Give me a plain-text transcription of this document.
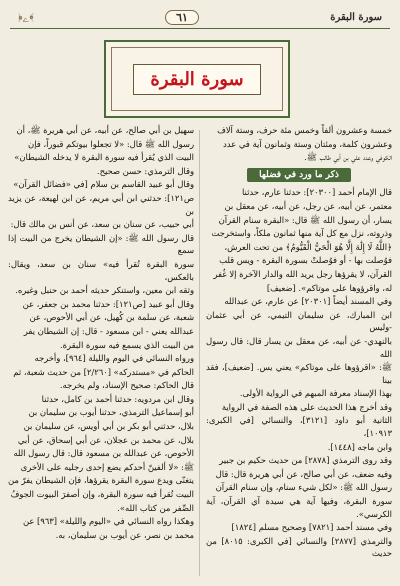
سورة البقرة
٦١
﴾ﮮ﴿
سورة البقرة

خمسة وعشرون ألفاً وخمس مئة حرف، وستة آلاف

وعشرون كلمة، ومئتان وستة وثمانون آية في عدد

الكوفي وعدد علي بن أبي طالب ﷺ.

ذكر ما ورد في فضلها

قال الإمام أحمد [٢٠٣٠٠]: حدثنا عارم، حدثنا

معتمر، عن أبيه، عن رجل، عن أبيه، عن معقل بن

يسار، أن رسول الله ﷺ قال: «البقرة سنام القرآن

وذروته، نزل مع كل آية منها ثمانون ملكاً، واستخرجت

﴿اللَّهُ لَا إِلَٰهَ إِلَّا هُوَ الْحَيُّ الْقَيُّومُ﴾ من تحت العرش،

فوُصلت بها - أو فوُصلتْ بسورة البقرة - ويس قلب

القرآن، لا يقرؤها رجل يريد الله والدار الآخرة إلا غُفر

له، واقرؤوها على موتاكم». [ضعيف]

وفي المسند أيضاً [٢٠٣٠١] عن عارم، عن عبدالله

ابن المبارك، عن سليمان التيمي، عن أبي عثمان -وليس

بالنهدي- عن أبيه، عن معقل بن يسار قال: قال رسول الله

ﷺ: «اقرؤوها على موتاكم» يعني يس. [ضعيف]، فقد بينا

بهذا الإسناد معرفة المبهم في الرواية الأولى.

وقد أخرج هذا الحديث على هذه الصفة في الرواية

الثانية أبو داود [٣١٢١]، والنسائي [في الكبرى: ١٠٩١٣]،

وابن ماجه [١٤٤٨].

وقد روى الترمذي [٢٨٧٨] من حديث حكيم بن جبير

وفيه ضعف، عن أبي صالح، عن أبي هريرة قال: قال

رسول الله ﷺ: «لكل شيء سنام، وإن سنام القرآن

سورة البقرة، وفيها آية هي سيدة آي القرآن، آية الكرسي».

وفي مسند أحمد [٧٨٢١] وصحيح مسلم [١٨٢٤]

والترمذي [٢٨٧٧] والنسائي [في الكبرى: ٨٠١٥] من حديث

سهيل بن أبي صالح، عن أبيه، عن أبي هريرة ﷺ، أن

رسول الله ﷺ قال: «لا تجعلوا بيوتكم قبوراً، فإن

البيت الذي يُقرأ فيه سورة البقرة لا يدخله الشيطان»

وقال الترمذي: حسن صحيح.

وقال أبو عبيد القاسم بن سلام [في «فضائل القرآن»

ص١٢١]: حدثني ابن أبي مريم، عن ابن لهيعة، عن يزيد بن

أبي حبيب، عن سنان بن سعد، عن أنس بن مالك قال:

قال رسول الله ﷺ: «إن الشيطان يخرج من البيت إذا سمع

سورة البقرة تُقرأ فيه» سنان بن سعد، ويقال: بالعكس،

وثقه ابن معين، واستنكر حديثه أحمد بن حنبل وغيره.

وقال أبو عبيد [ص١٢١]: حدثنا محمد بن جعفر، عن

شعبة، عن سلمة بن كُهيل، عن أبي الأحوص، عن

عبدالله يعني - ابن مسعود - قال: إن الشيطان يفر

من البيت الذي يسمع فيه سورة البقرة.

ورواه النسائي في اليوم والليلة [٩٦٤]، وأخرجه

الحاكم في «مستدركه» [٢/٢٦٠] من حديث شعبة، ثم

قال الحاكم: صحيح الإسناد، ولم يخرجه.

وقال ابن مردويه: حدثنا أحمد بن كامل، حدثنا

أبو إسماعيل الترمذي، حدثنا أيوب بن سليمان بن

بلال، حدثني أبو بكر بن أبي أويس، عن سليمان بن

بلال، عن محمد بن عجلان، عن أبي إسحاق، عن أبي

الأحوص، عن عبدالله بن مسعود قال: قال رسول الله

ﷺ: «لا ألفينّ أحدكم يضع إحدى رجليه على الأخرى

يتغنّى ويدع سورة البقرة يقرؤها، فإن الشيطان يفرّ من

البيت تُقرأ فيه سورة البقرة، وإن أصفرَ البيوت الجوفُ

الصِّفر من كتاب الله».

وهكذا رواه النسائي في «اليوم والليلة» [٩٦٣] عن

محمد بن نصر، عن أيوب بن سليمان، به.
